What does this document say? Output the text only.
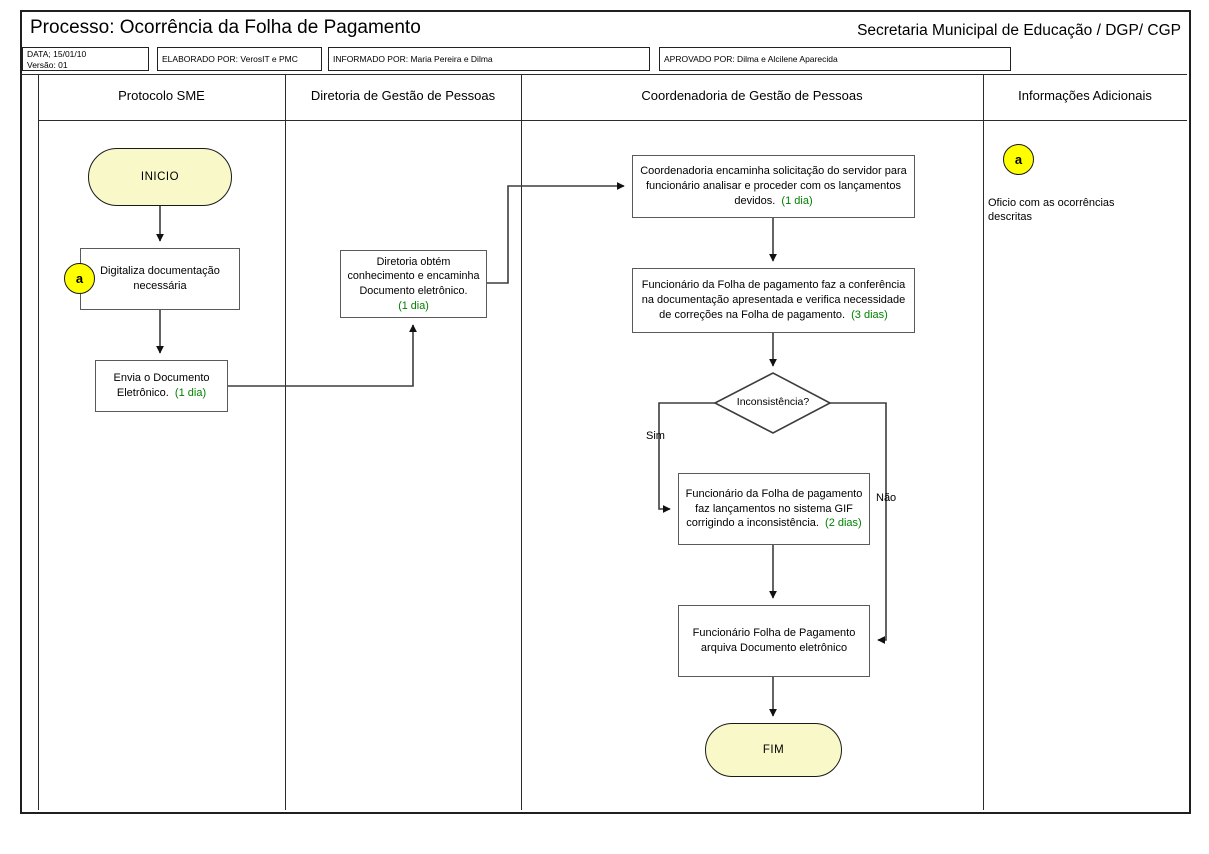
Processo: Ocorrência da Folha de Pagamento	Secretaria Municipal de Educação / DGP/ CGP
DATA; 15/01/10
Versão: 01
ELABORADO POR: VerosIT e PMC	INFORMADO POR: Maria Pereira e Dilma	APROVADO POR: Dilma e Alcilene Aparecida
Protocolo SME	Diretoria de Gestão de Pessoas	Coordenadoria de Gestão de Pessoas	Informações Adicionais
INICIO
Digitaliza documentação necessária
a
Envia o Documento Eletrônico. (1 dia)
Diretoria obtém conhecimento e encaminha Documento eletrônico.
(1 dia)
Coordenadoria encaminha solicitação do servidor para funcionário analisar e proceder com os lançamentos devidos. (1 dia)
Funcionário da Folha de pagamento faz a conferência na documentação apresentada e verifica necessidade de correções na Folha de pagamento. (3 dias)
Inconsistência?
Sim
Não
Funcionário da Folha de pagamento faz lançamentos no sistema GIF corrigindo a inconsistência. (2 dias)
Funcionário Folha de Pagamento arquiva Documento eletrônico
FIM
a
Oficio com as ocorrências descritas
